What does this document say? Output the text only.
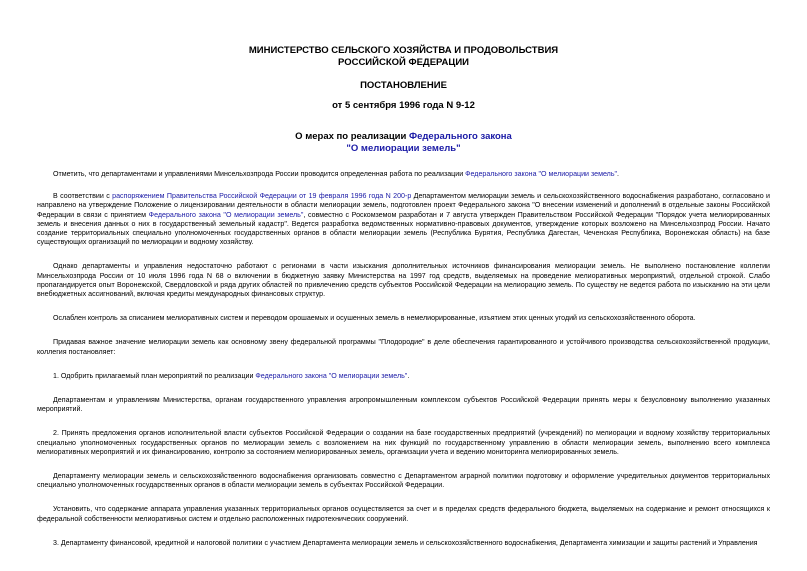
МИНИСТЕРСТВО СЕЛЬСКОГО ХОЗЯЙСТВА И ПРОДОВОЛЬСТВИЯ

РОССИЙСКОЙ ФЕДЕРАЦИИ

ПОСТАНОВЛЕНИЕ

от 5 сентября 1996 года N 9-12

О мерах по реализации Федерального закона

"О мелиорации земель"

Отметить, что департаментами и управлениями Минсельхозпрода России проводится определенная работа по реализации Федерального закона "О мелиорации земель".

В соответствии с распоряжением Правительства Российской Федерации от 19 февраля 1996 года N 200-р Департаментом мелиорации земель и сельскохозяйственного водоснабжения разработано, согласовано и направлено на утверждение Положение о лицензировании деятельности в области мелиорации земель, подготовлен проект Федерального закона "О внесении изменений и дополнений в отдельные законы Российской Федерации в связи с принятием Федерального закона "О мелиорации земель", совместно с Роскомземом разработан и 7 августа утвержден Правительством Российской Федерации "Порядок учета мелиорированных земель и внесения данных о них в государственный земельный кадастр". Ведется разработка ведомственных нормативно-правовых документов, утверждение которых возложено на Минсельхозпрод России. Начато создание территориальных специально уполномоченных государственных органов в области мелиорации земель (Республика Бурятия, Республика Дагестан, Чеченская Республика, Воронежская область) на базе существующих организаций по мелиорации и водному хозяйству.

Однако департаменты и управления недостаточно работают с регионами в части изыскания дополнительных источников финансирования мелиорации земель. Не выполнено постановление коллегии Минсельхозпрода России от 10 июля 1996 года N 68 о включении в бюджетную заявку Министерства на 1997 год средств, выделяемых на проведение мелиоративных мероприятий, отдельной строкой. Слабо пропагандируется опыт Воронежской, Свердловской и ряда других областей по привлечению средств субъектов Российской Федерации на мелиорацию земель. По существу не ведется работа по изысканию на эти цели внебюджетных ассигнований, включая кредиты международных финансовых структур.

Ослаблен контроль за списанием мелиоративных систем и переводом орошаемых и осушенных земель в немелиорированные, изъятием этих ценных угодий из сельскохозяйственного оборота.

Придавая важное значение мелиорации земель как основному звену федеральной программы "Плодородие" в деле обеспечения гарантированного и устойчивого производства сельскохозяйственной продукции, коллегия постановляет:

1. Одобрить прилагаемый план мероприятий по реализации Федерального закона "О мелиорации земель".

Департаментам и управлениям Министерства, органам государственного управления агропромышленным комплексом субъектов Российской Федерации принять меры к безусловному выполнению указанных мероприятий.

2. Принять предложения органов исполнительной власти субъектов Российской Федерации о создании на базе государственных предприятий (учреждений) по мелиорации и водному хозяйству территориальных специально уполномоченных государственных органов по мелиорации земель с возложением на них функций по государственному управлению в области мелиорации земель, выполнению всего комплекса мелиоративных мероприятий и их финансированию, контролю за состоянием мелиорированных земель, организации учета и ведению мониторинга мелиорированных земель.

Департаменту мелиорации земель и сельскохозяйственного водоснабжения организовать совместно с Департаментом аграрной политики подготовку и оформление учредительных документов территориальных специально уполномоченных государственных органов в области мелиорации земель в субъектах Российской Федерации.

Установить, что содержание аппарата управления указанных территориальных органов осуществляется за счет и в пределах средств федерального бюджета, выделяемых на содержание и ремонт относящихся к федеральной собственности мелиоративных систем и отдельно расположенных гидротехнических сооружений.

3. Департаменту финансовой, кредитной и налоговой политики с участием Департамента мелиорации земель и сельскохозяйственного водоснабжения, Департамента химизации и защиты растений и Управления
